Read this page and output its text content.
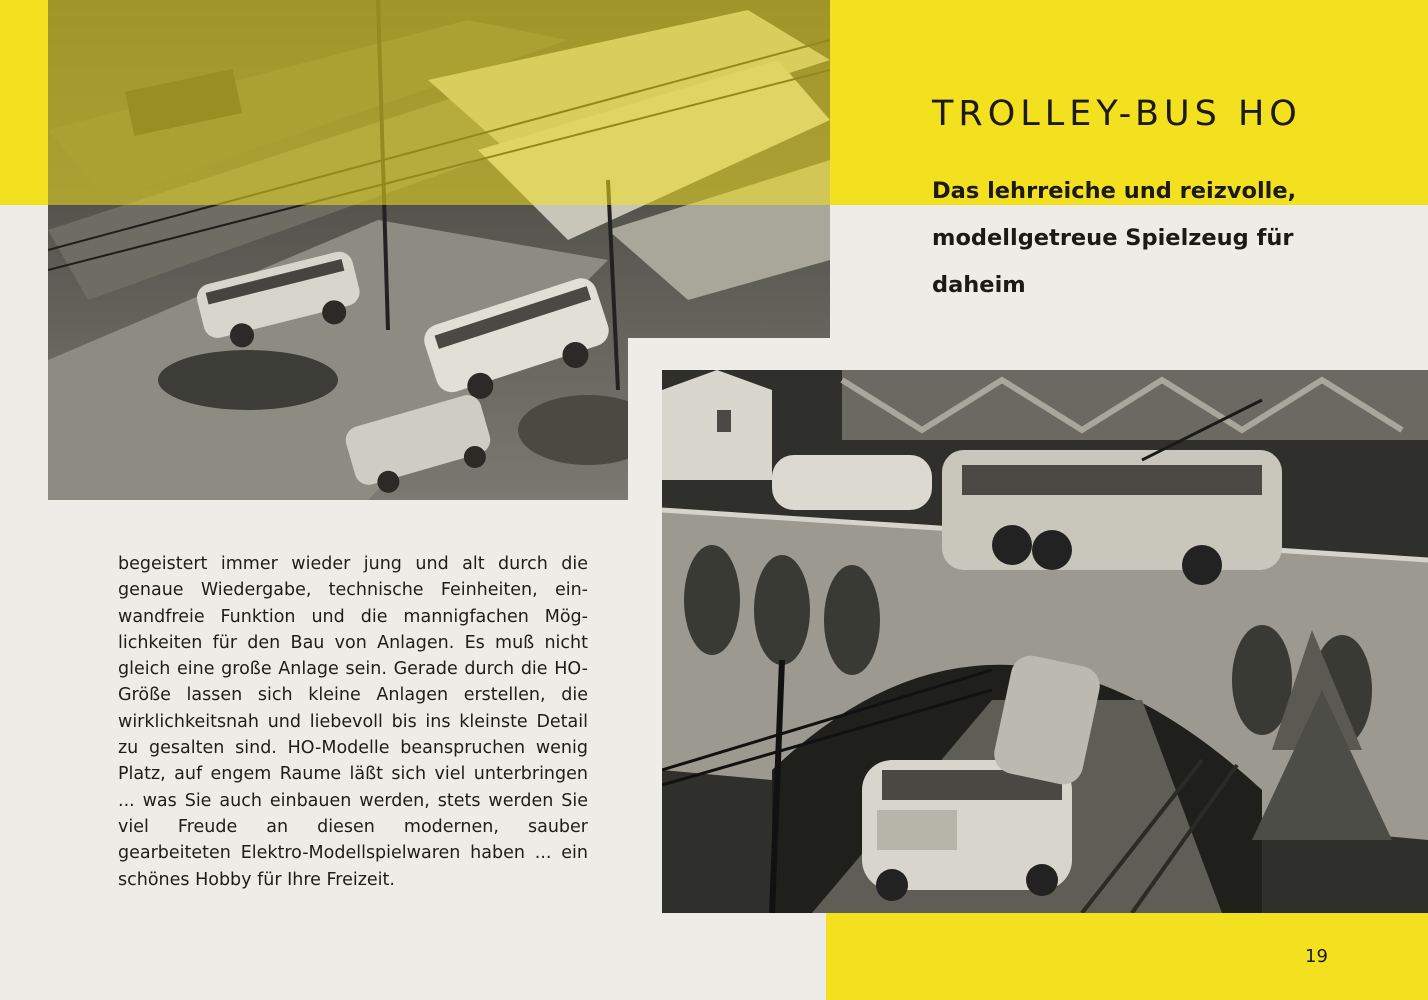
TROLLEY-BUS HO
Das lehrreiche und reizvolle, modellgetreue Spielzeug für daheim

begeistert immer wieder jung und alt durch die genaue Wiedergabe, technische Feinheiten, einwandfreie Funktion und die mannigfachen Möglichkeiten für den Bau von Anlagen. Es muß nicht gleich eine große Anlage sein. Gerade durch die HO-Größe lassen sich kleine Anlagen erstellen, die wirklichkeitsnah und liebevoll bis ins kleinste Detail zu gesalten sind. HO-Modelle beanspruchen wenig Platz, auf engem Raume läßt sich viel unterbringen ... was Sie auch einbauen werden, stets werden Sie viel Freude an diesen modernen, sauber gearbeiteten Elektro-Modellspielwaren haben ... ein schönes Hobby für Ihre Freizeit.

19
